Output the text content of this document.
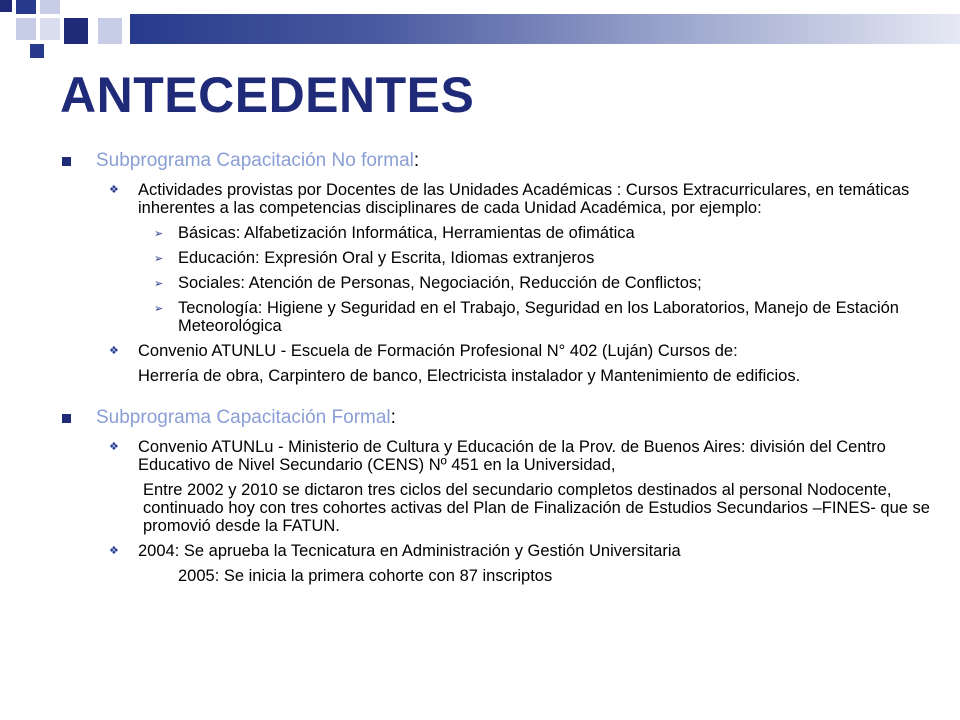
ANTECEDENTES
Subprograma Capacitación No formal:
❖ Actividades provistas por Docentes de las Unidades Académicas : Cursos Extracurriculares, en temáticas inherentes a las competencias disciplinares de cada Unidad Académica, por ejemplo:
➢ Básicas: Alfabetización Informática, Herramientas de ofimática
➢ Educación: Expresión Oral y Escrita, Idiomas extranjeros
➢ Sociales: Atención de Personas, Negociación, Reducción de Conflictos;
➢ Tecnología: Higiene y Seguridad en el Trabajo, Seguridad en los Laboratorios, Manejo de Estación Meteorológica
❖ Convenio ATUNLU - Escuela de Formación Profesional N° 402 (Luján) Cursos de:
Herrería de obra, Carpintero de banco, Electricista instalador y Mantenimiento de edificios.
Subprograma Capacitación Formal:
❖ Convenio ATUNLu - Ministerio de Cultura y Educación de la Prov. de Buenos Aires: división del Centro Educativo de Nivel Secundario (CENS) Nº 451 en la Universidad,
Entre 2002 y 2010 se dictaron tres ciclos del secundario completos destinados al personal Nodocente, continuado hoy con tres cohortes activas del Plan de Finalización de Estudios Secundarios –FINES- que se promovió desde la FATUN.
❖ 2004: Se aprueba la Tecnicatura en Administración y Gestión Universitaria
2005: Se inicia la primera cohorte con 87 inscriptos
